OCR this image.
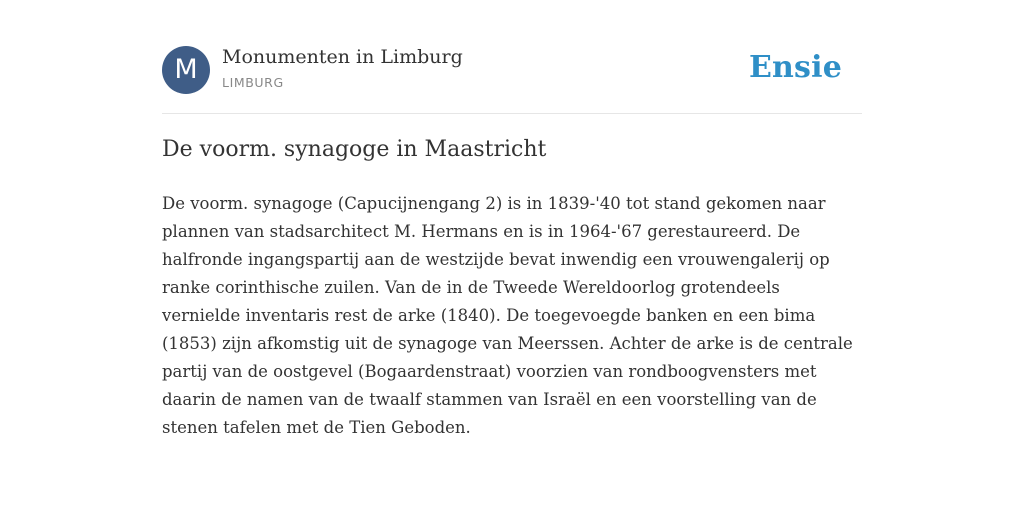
M	Monumenten in Limburg
LIMBURG	Ensie
De voorm. synagoge in Maastricht
De voorm. synagoge (Capucijnengang 2) is in 1839-'40 tot stand gekomen naar
plannen van stadsarchitect M. Hermans en is in 1964-'67 gerestaureerd. De
halfronde ingangspartij aan de westzijde bevat inwendig een vrouwengalerij op
ranke corinthische zuilen. Van de in de Tweede Wereldoorlog grotendeels
vernielde inventaris rest de arke (1840). De toegevoegde banken en een bima
(1853) zijn afkomstig uit de synagoge van Meerssen. Achter de arke is de centrale
partij van de oostgevel (Bogaardenstraat) voorzien van rondboogvensters met
daarin de namen van de twaalf stammen van Israël en een voorstelling van de
stenen tafelen met de Tien Geboden.
